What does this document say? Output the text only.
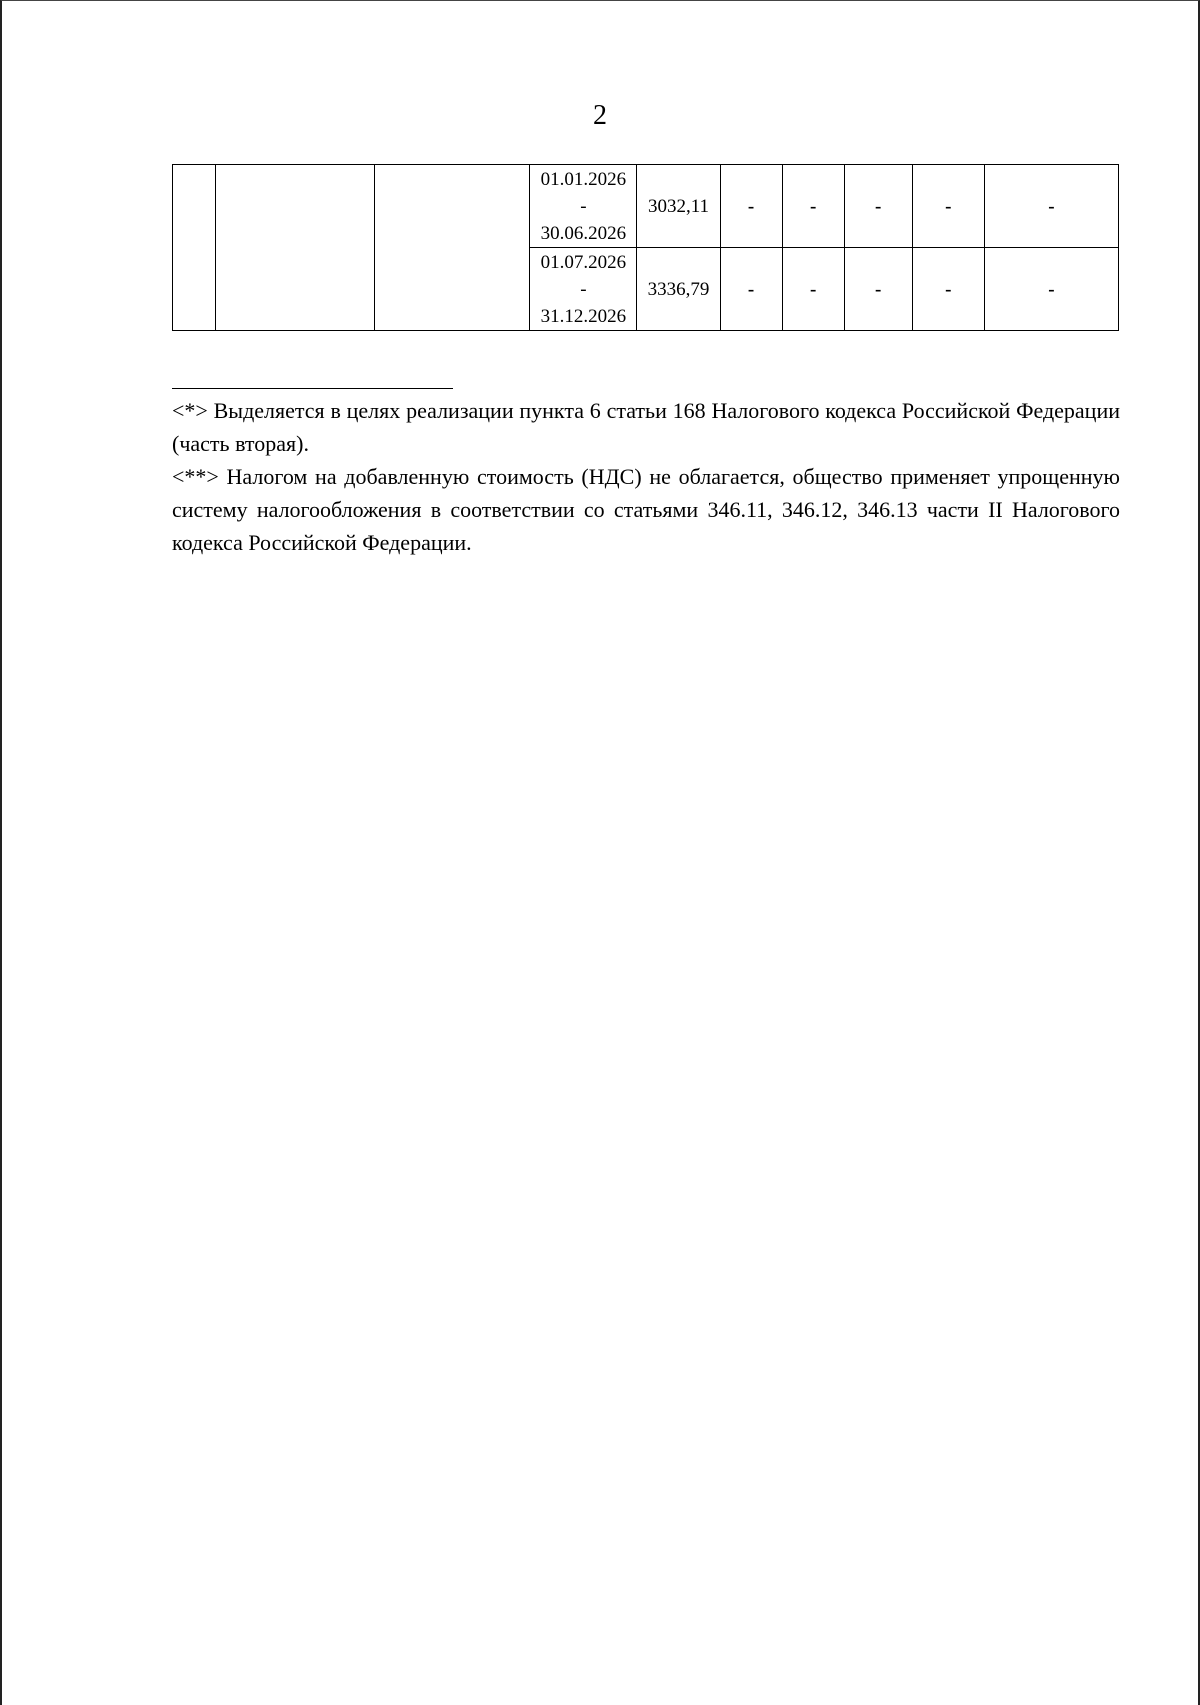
2

			01.01.2026
-
30.06.2026	3032,11	-	-	-	-	-

			01.07.2026
-
31.12.2026	3336,79	-	-	-	-	-

<*> Выделяется в целях реализации пункта 6 статьи 168 Налогового кодекса Российской Федерации (часть вторая).

<**> Налогом на добавленную стоимость (НДС) не облагается, общество применяет упрощенную систему налогообложения в соответствии со статьями 346.11, 346.12, 346.13 части II Налогового кодекса Российской Федерации.
